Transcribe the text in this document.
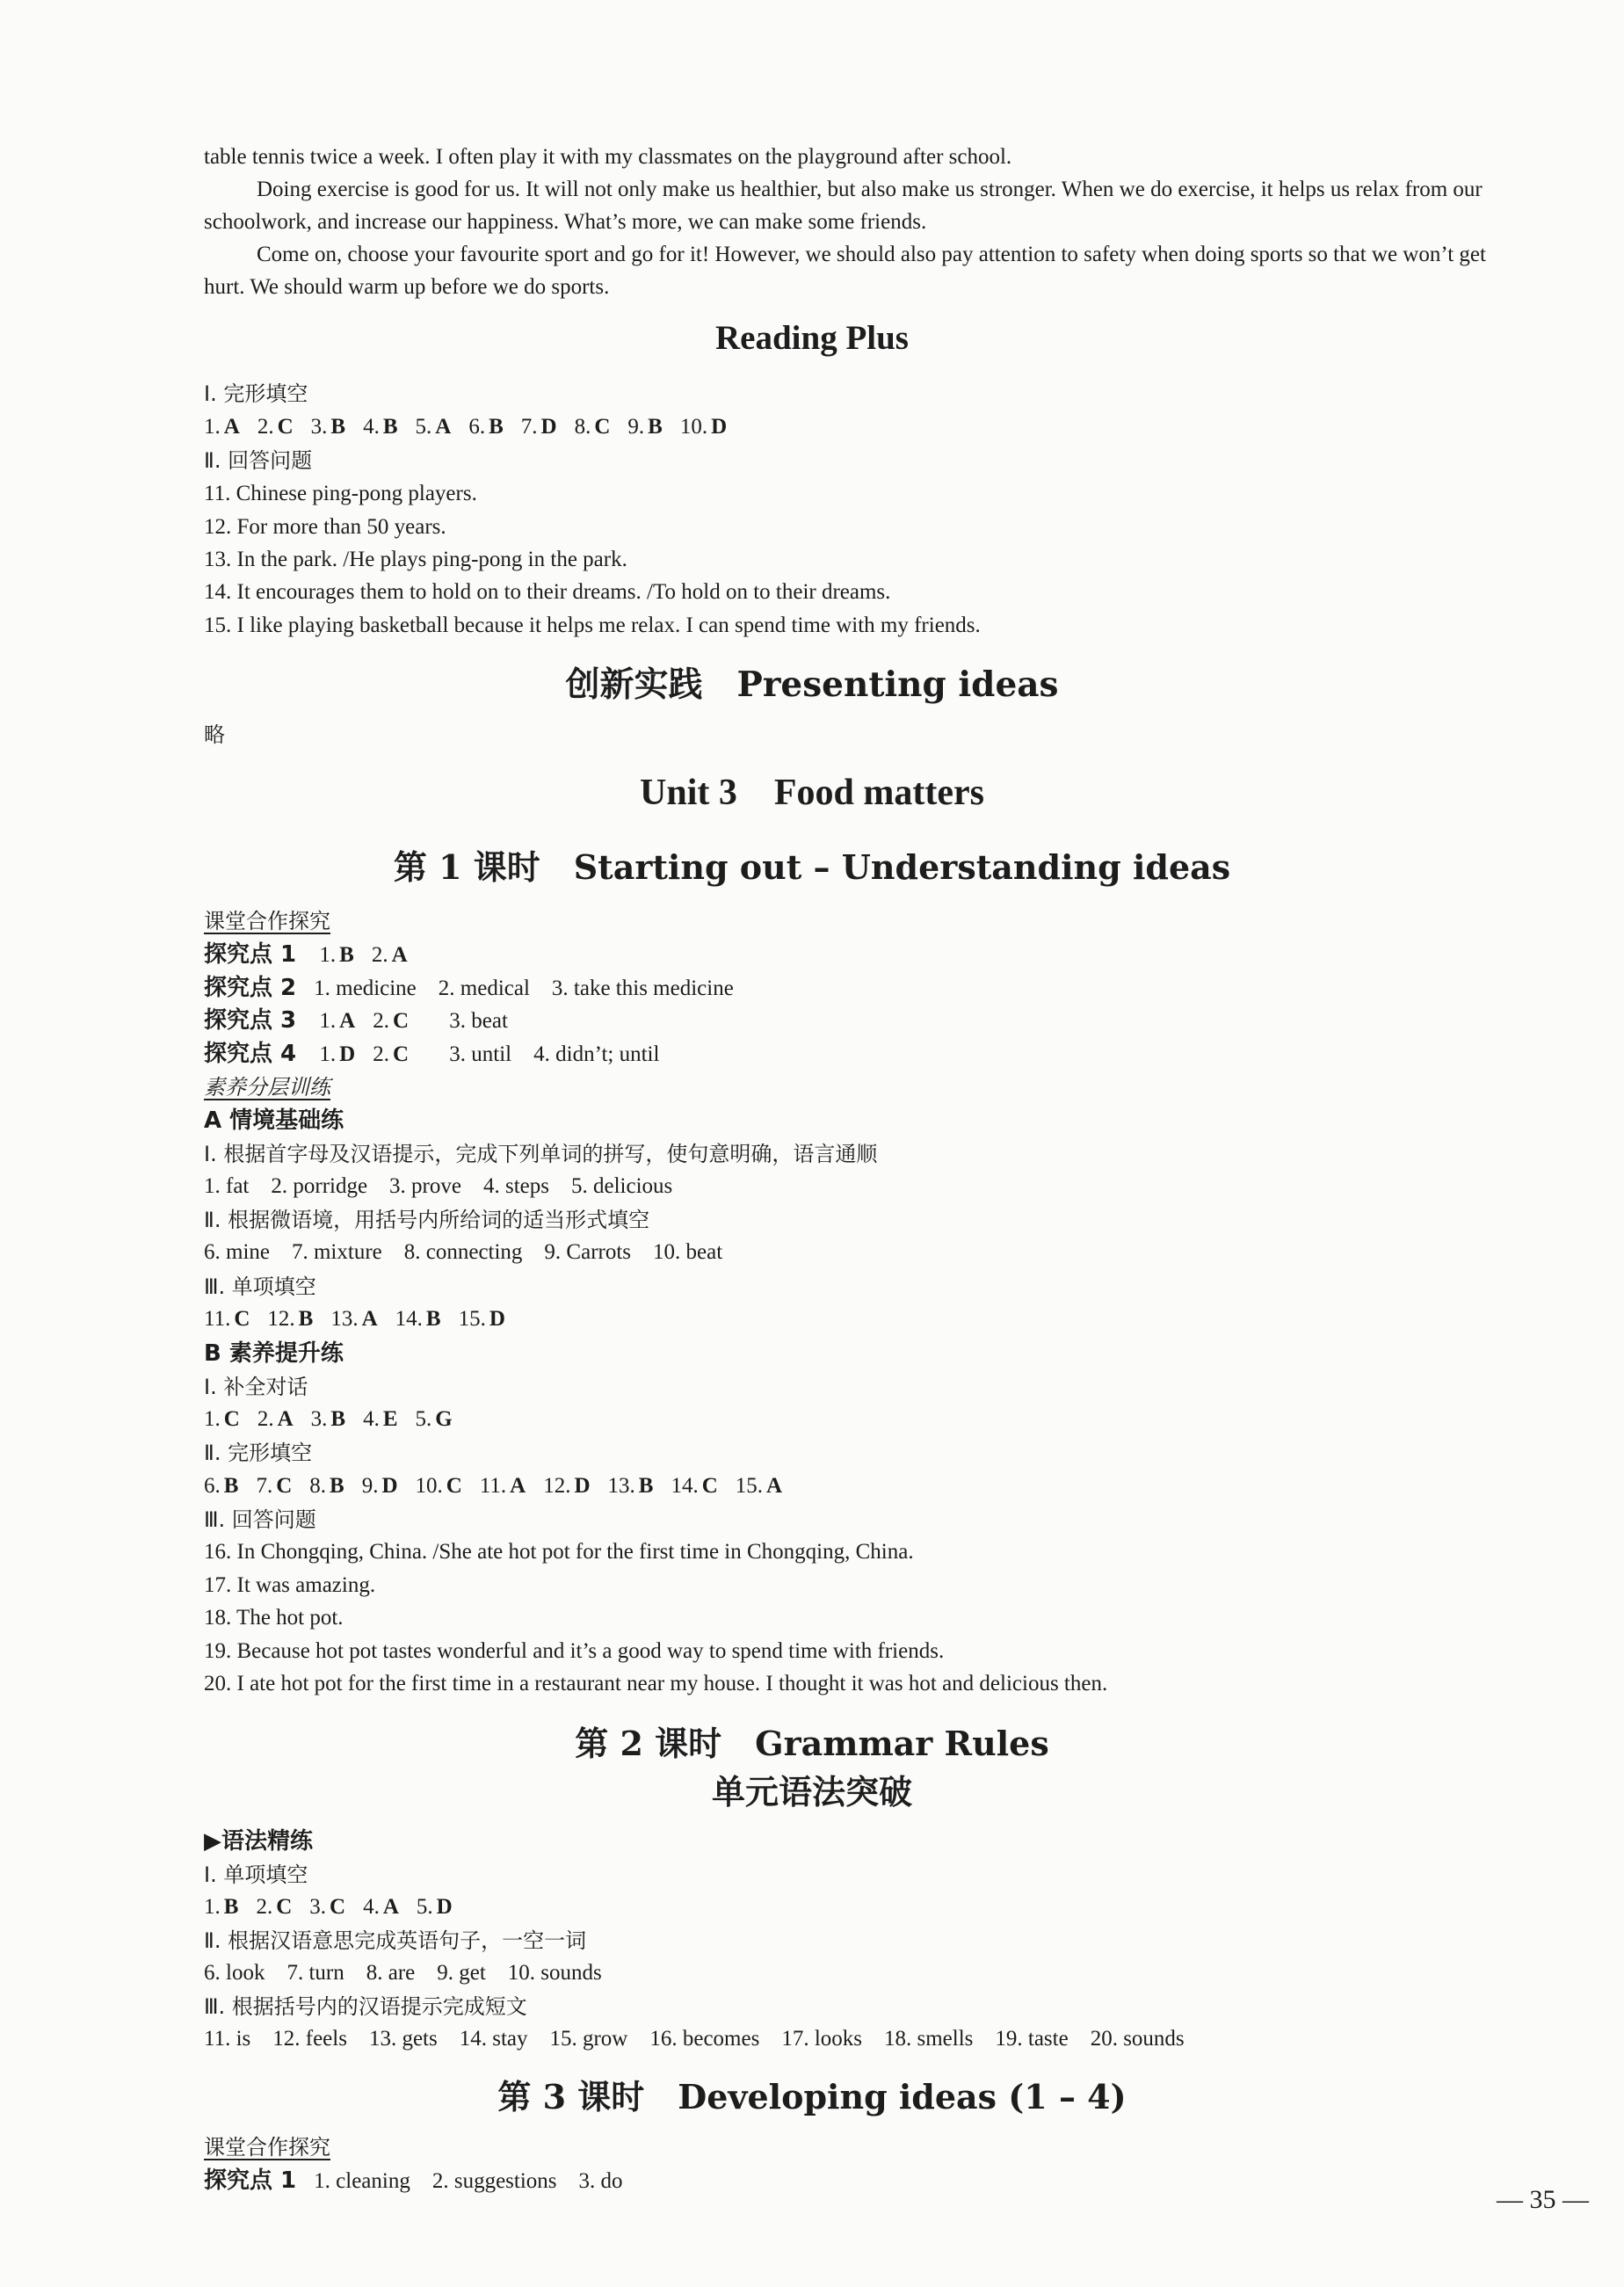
table tennis twice a week. I often play it with my classmates on the playground after school.

Doing exercise is good for us. It will not only make us healthier, but also make us stronger. When we do exercise, it helps us relax from our schoolwork, and increase our happiness. What’s more, we can make some friends.

Come on, choose your favourite sport and go for it! However, we should also pay attention to safety when doing sports so that we won’t get hurt. We should warm up before we do sports.

Reading Plus
Ⅰ. 完形填空
1. A 2. C 3. B 4. B 5. A 6. B 7. D 8. C 9. B 10. D
Ⅱ. 回答问题
11. Chinese ping-pong players.
12. For more than 50 years.
13. In the park. /He plays ping-pong in the park.
14. It encourages them to hold on to their dreams. /To hold on to their dreams.
15. I like playing basketball because it helps me relax. I can spend time with my friends.
创新实践　Presenting ideas
略
Unit 3　Food matters
第 1 课时　Starting out – Understanding ideas
课堂合作探究
探究点 1 1. B 2. A
探究点 2 1. medicine　2. medical　3. take this medicine
探究点 3 1. A 2. C 3. beat
探究点 4 1. D 2. C 3. until　4. didn’t; until
素养分层训练
A 情境基础练
Ⅰ. 根据首字母及汉语提示，完成下列单词的拼写，使句意明确，语言通顺
1. fat　2. porridge　3. prove　4. steps　5. delicious
Ⅱ. 根据微语境，用括号内所给词的适当形式填空
6. mine　7. mixture　8. connecting　9. Carrots　10. beat
Ⅲ. 单项填空
11. C 12. B 13. A 14. B 15. D
B 素养提升练
Ⅰ. 补全对话
1. C 2. A 3. B 4. E 5. G
Ⅱ. 完形填空
6. B 7. C 8. B 9. D 10. C 11. A 12. D 13. B 14. C 15. A
Ⅲ. 回答问题
16. In Chongqing, China. /She ate hot pot for the first time in Chongqing, China.
17. It was amazing.
18. The hot pot.
19. Because hot pot tastes wonderful and it’s a good way to spend time with friends.
20. I ate hot pot for the first time in a restaurant near my house. I thought it was hot and delicious then.
第 2 课时　Grammar Rules
单元语法突破
▶语法精练
Ⅰ. 单项填空
1. B 2. C 3. C 4. A 5. D
Ⅱ. 根据汉语意思完成英语句子，一空一词
6. look　7. turn　8. are　9. get　10. sounds
Ⅲ. 根据括号内的汉语提示完成短文
11. is　12. feels　13. gets　14. stay　15. grow　16. becomes　17. looks　18. smells　19. taste　20. sounds
第 3 课时　Developing ideas (1 – 4)
课堂合作探究
探究点 1 1. cleaning　2. suggestions　3. do
— 35 —
